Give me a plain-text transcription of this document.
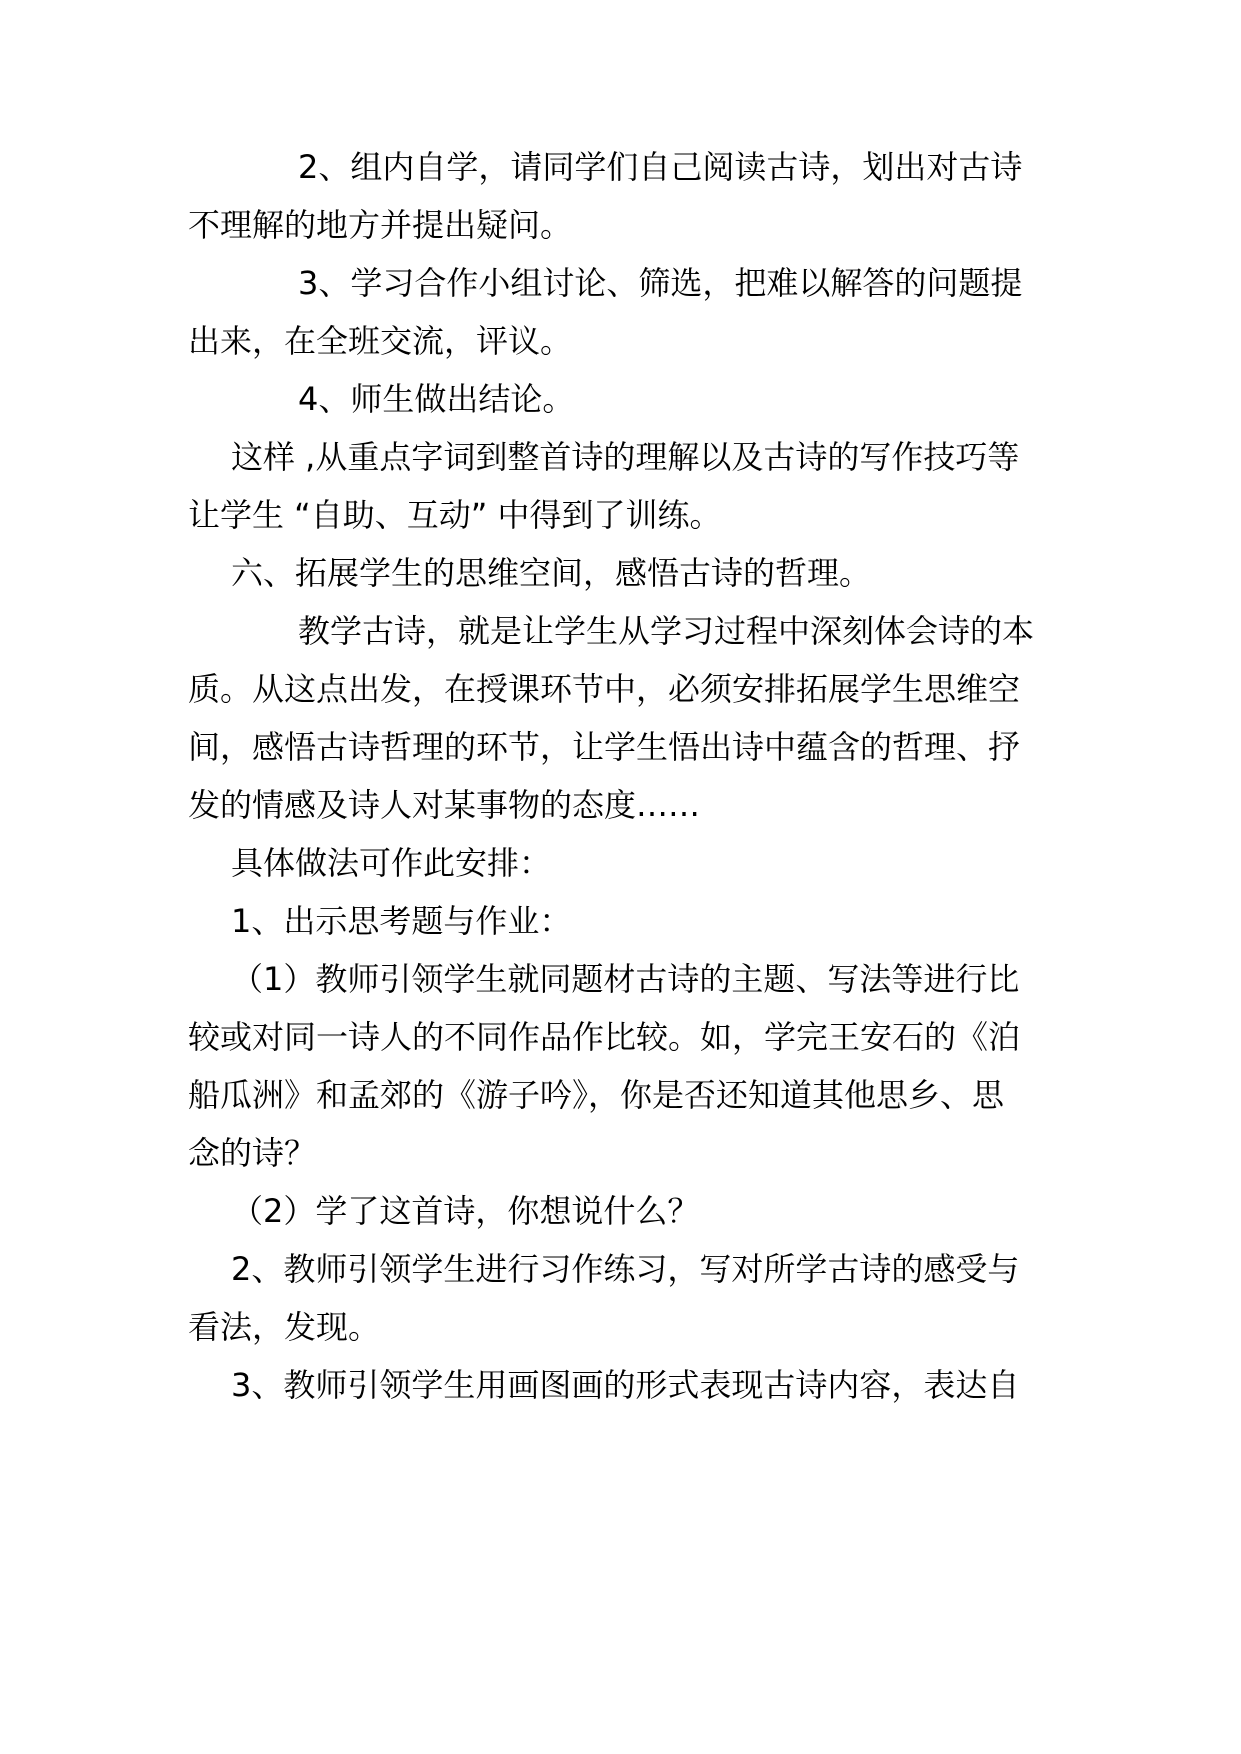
2、组内自学，请同学们自己阅读古诗，划出对古诗
不理解的地方并提出疑问。
3、学习合作小组讨论、筛选，把难以解答的问题提
出来，在全班交流，评议。
4、师生做出结论。
这样 ,从重点字词到整首诗的理解以及古诗的写作技巧等
让学生 “自助、互动” 中得到了训练。
六、拓展学生的思维空间，感悟古诗的哲理。
教学古诗，就是让学生从学习过程中深刻体会诗的本
质。从这点出发，在授课环节中，必须安排拓展学生思维空
间，感悟古诗哲理的环节，让学生悟出诗中蕴含的哲理、抒
发的情感及诗人对某事物的态度……
具体做法可作此安排：
1、出示思考题与作业：
（1）教师引领学生就同题材古诗的主题、写法等进行比
较或对同一诗人的不同作品作比较。如，学完王安石的《泊
船瓜洲》和孟郊的《游子吟》，你是否还知道其他思乡、思
念的诗？
（2）学了这首诗，你想说什么？
2、教师引领学生进行习作练习，写对所学古诗的感受与
看法，发现。
3、教师引领学生用画图画的形式表现古诗内容，表达自
